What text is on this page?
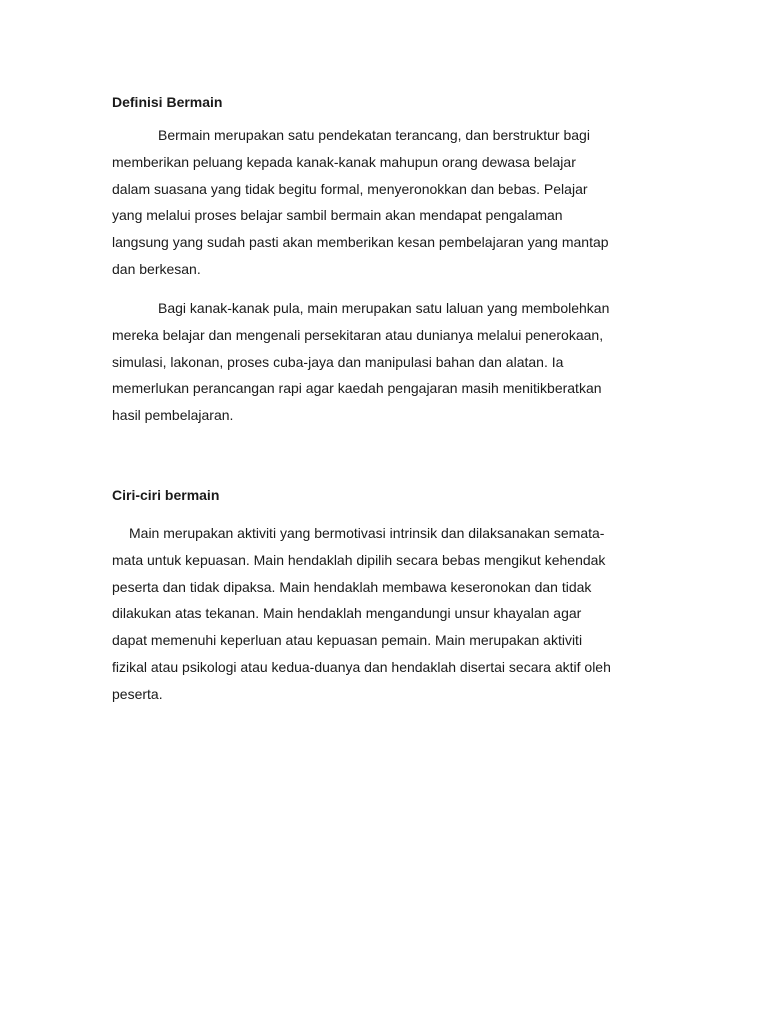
Definisi Bermain

Bermain merupakan satu pendekatan terancang, dan berstruktur bagi
memberikan peluang kepada kanak-kanak mahupun orang dewasa belajar
dalam suasana yang tidak begitu formal, menyeronokkan dan bebas. Pelajar
yang melalui proses belajar sambil bermain akan mendapat pengalaman
langsung yang sudah pasti akan memberikan kesan pembelajaran yang mantap
dan berkesan.

Bagi kanak-kanak pula, main merupakan satu laluan yang membolehkan
mereka belajar dan mengenali persekitaran atau dunianya melalui penerokaan,
simulasi, lakonan, proses cuba-jaya dan manipulasi bahan dan alatan. Ia
memerlukan perancangan rapi agar kaedah pengajaran masih menitikberatkan
hasil pembelajaran.

Ciri-ciri bermain

Main merupakan aktiviti yang bermotivasi intrinsik dan dilaksanakan semata-
mata untuk kepuasan. Main hendaklah dipilih secara bebas mengikut kehendak
peserta dan tidak dipaksa. Main hendaklah membawa keseronokan dan tidak
dilakukan atas tekanan. Main hendaklah mengandungi unsur khayalan agar
dapat memenuhi keperluan atau kepuasan pemain. Main merupakan aktiviti
fizikal atau psikologi atau kedua-duanya dan hendaklah disertai secara aktif oleh
peserta.
